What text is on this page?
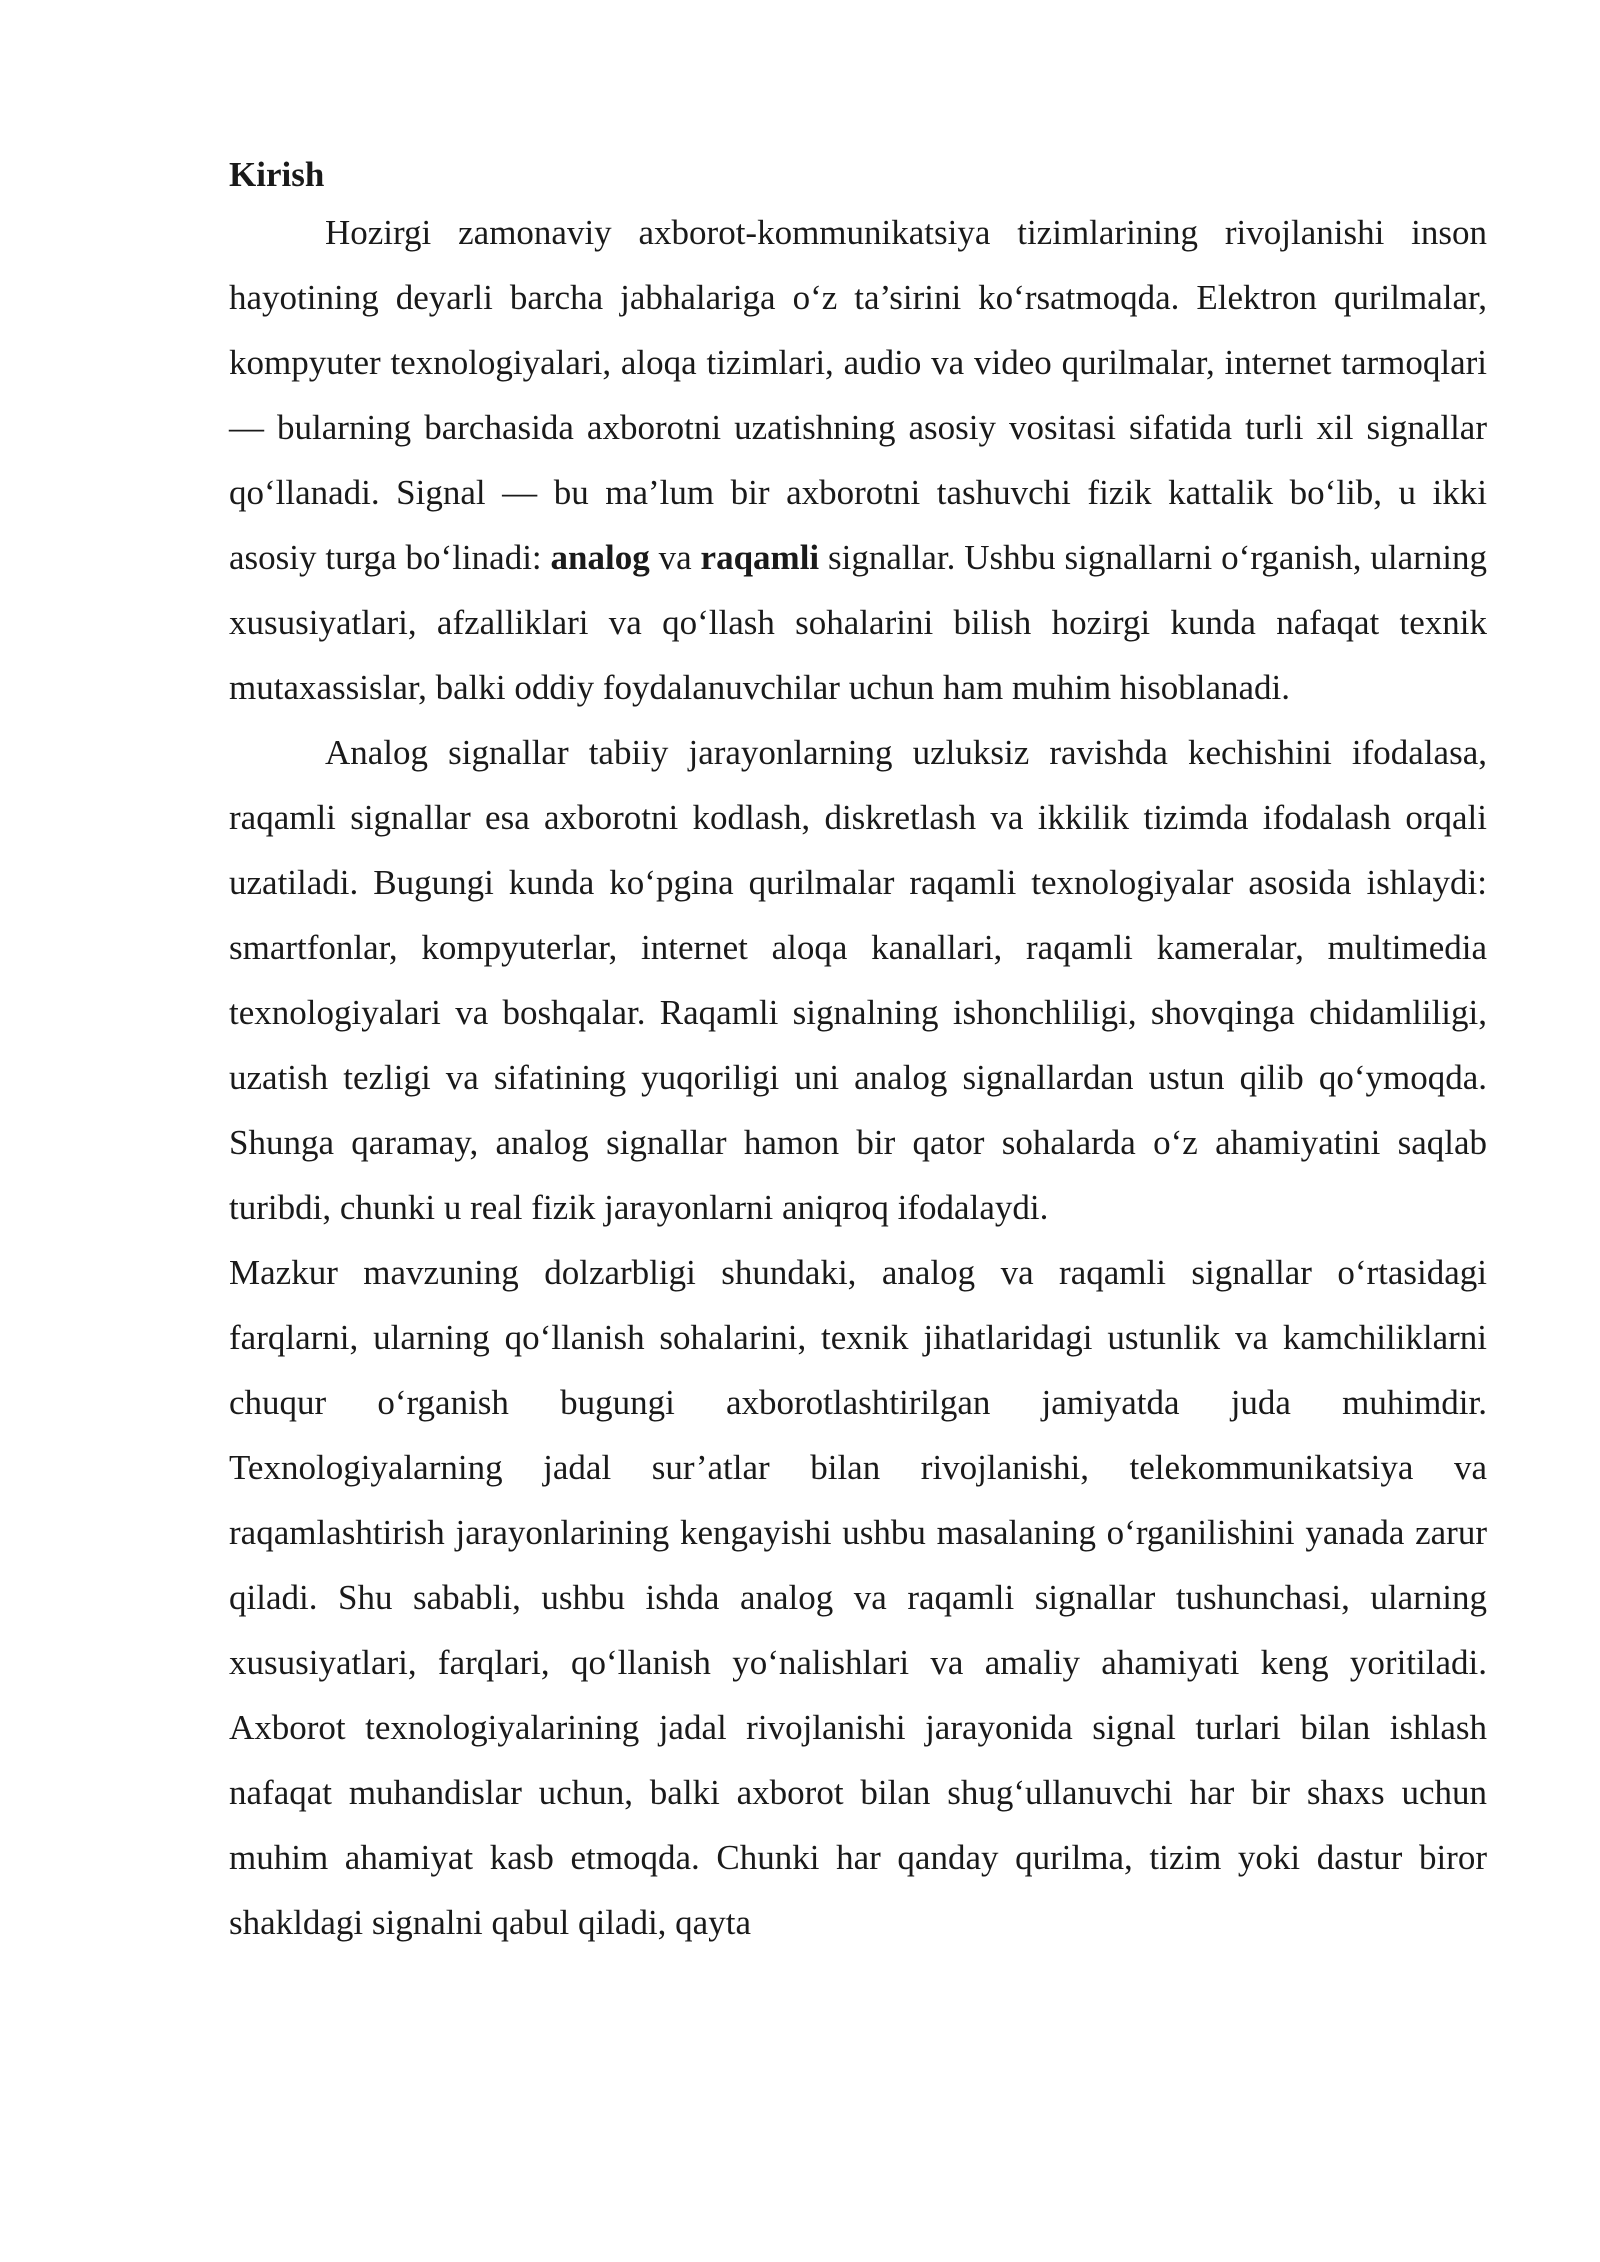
Kirish

Hozirgi zamonaviy axborot-kommunikatsiya tizimlarining rivojlanishi inson hayotining deyarli barcha jabhalariga o‘z ta’sirini ko‘rsatmoqda. Elektron qurilmalar, kompyuter texnologiyalari, aloqa tizimlari, audio va video qurilmalar, internet tarmoqlari — bularning barchasida axborotni uzatishning asosiy vositasi sifatida turli xil signallar qo‘llanadi. Signal — bu ma’lum bir axborotni tashuvchi fizik kattalik bo‘lib, u ikki asosiy turga bo‘linadi: analog va raqamli signallar. Ushbu signallarni o‘rganish, ularning xususiyatlari, afzalliklari va qo‘llash sohalarini bilish hozirgi kunda nafaqat texnik mutaxassislar, balki oddiy foydalanuvchilar uchun ham muhim hisoblanadi.

Analog signallar tabiiy jarayonlarning uzluksiz ravishda kechishini ifodalasa, raqamli signallar esa axborotni kodlash, diskretlash va ikkilik tizimda ifodalash orqali uzatiladi. Bugungi kunda ko‘pgina qurilmalar raqamli texnologiyalar asosida ishlaydi: smartfonlar, kompyuterlar, internet aloqa kanallari, raqamli kameralar, multimedia texnologiyalari va boshqalar. Raqamli signalning ishonchliligi, shovqinga chidamliligi, uzatish tezligi va sifatining yuqoriligi uni analog signallardan ustun qilib qo‘ymoqda. Shunga qaramay, analog signallar hamon bir qator sohalarda o‘z ahamiyatini saqlab turibdi, chunki u real fizik jarayonlarni aniqroq ifodalaydi.

Mazkur mavzuning dolzarbligi shundaki, analog va raqamli signallar o‘rtasidagi farqlarni, ularning qo‘llanish sohalarini, texnik jihatlaridagi ustunlik va kamchiliklarni chuqur o‘rganish bugungi axborotlashtirilgan jamiyatda juda muhimdir. Texnologiyalarning jadal sur’atlar bilan rivojlanishi, telekommunikatsiya va raqamlashtirish jarayonlarining kengayishi ushbu masalaning o‘rganilishini yanada zarur qiladi. Shu sababli, ushbu ishda analog va raqamli signallar tushunchasi, ularning xususiyatlari, farqlari, qo‘llanish yo‘nalishlari va amaliy ahamiyati keng yoritiladi. Axborot texnologiyalarining jadal rivojlanishi jarayonida signal turlari bilan ishlash nafaqat muhandislar uchun, balki axborot bilan shug‘ullanuvchi har bir shaxs uchun muhim ahamiyat kasb etmoqda. Chunki har qanday qurilma, tizim yoki dastur biror shakldagi signalni qabul qiladi, qayta
